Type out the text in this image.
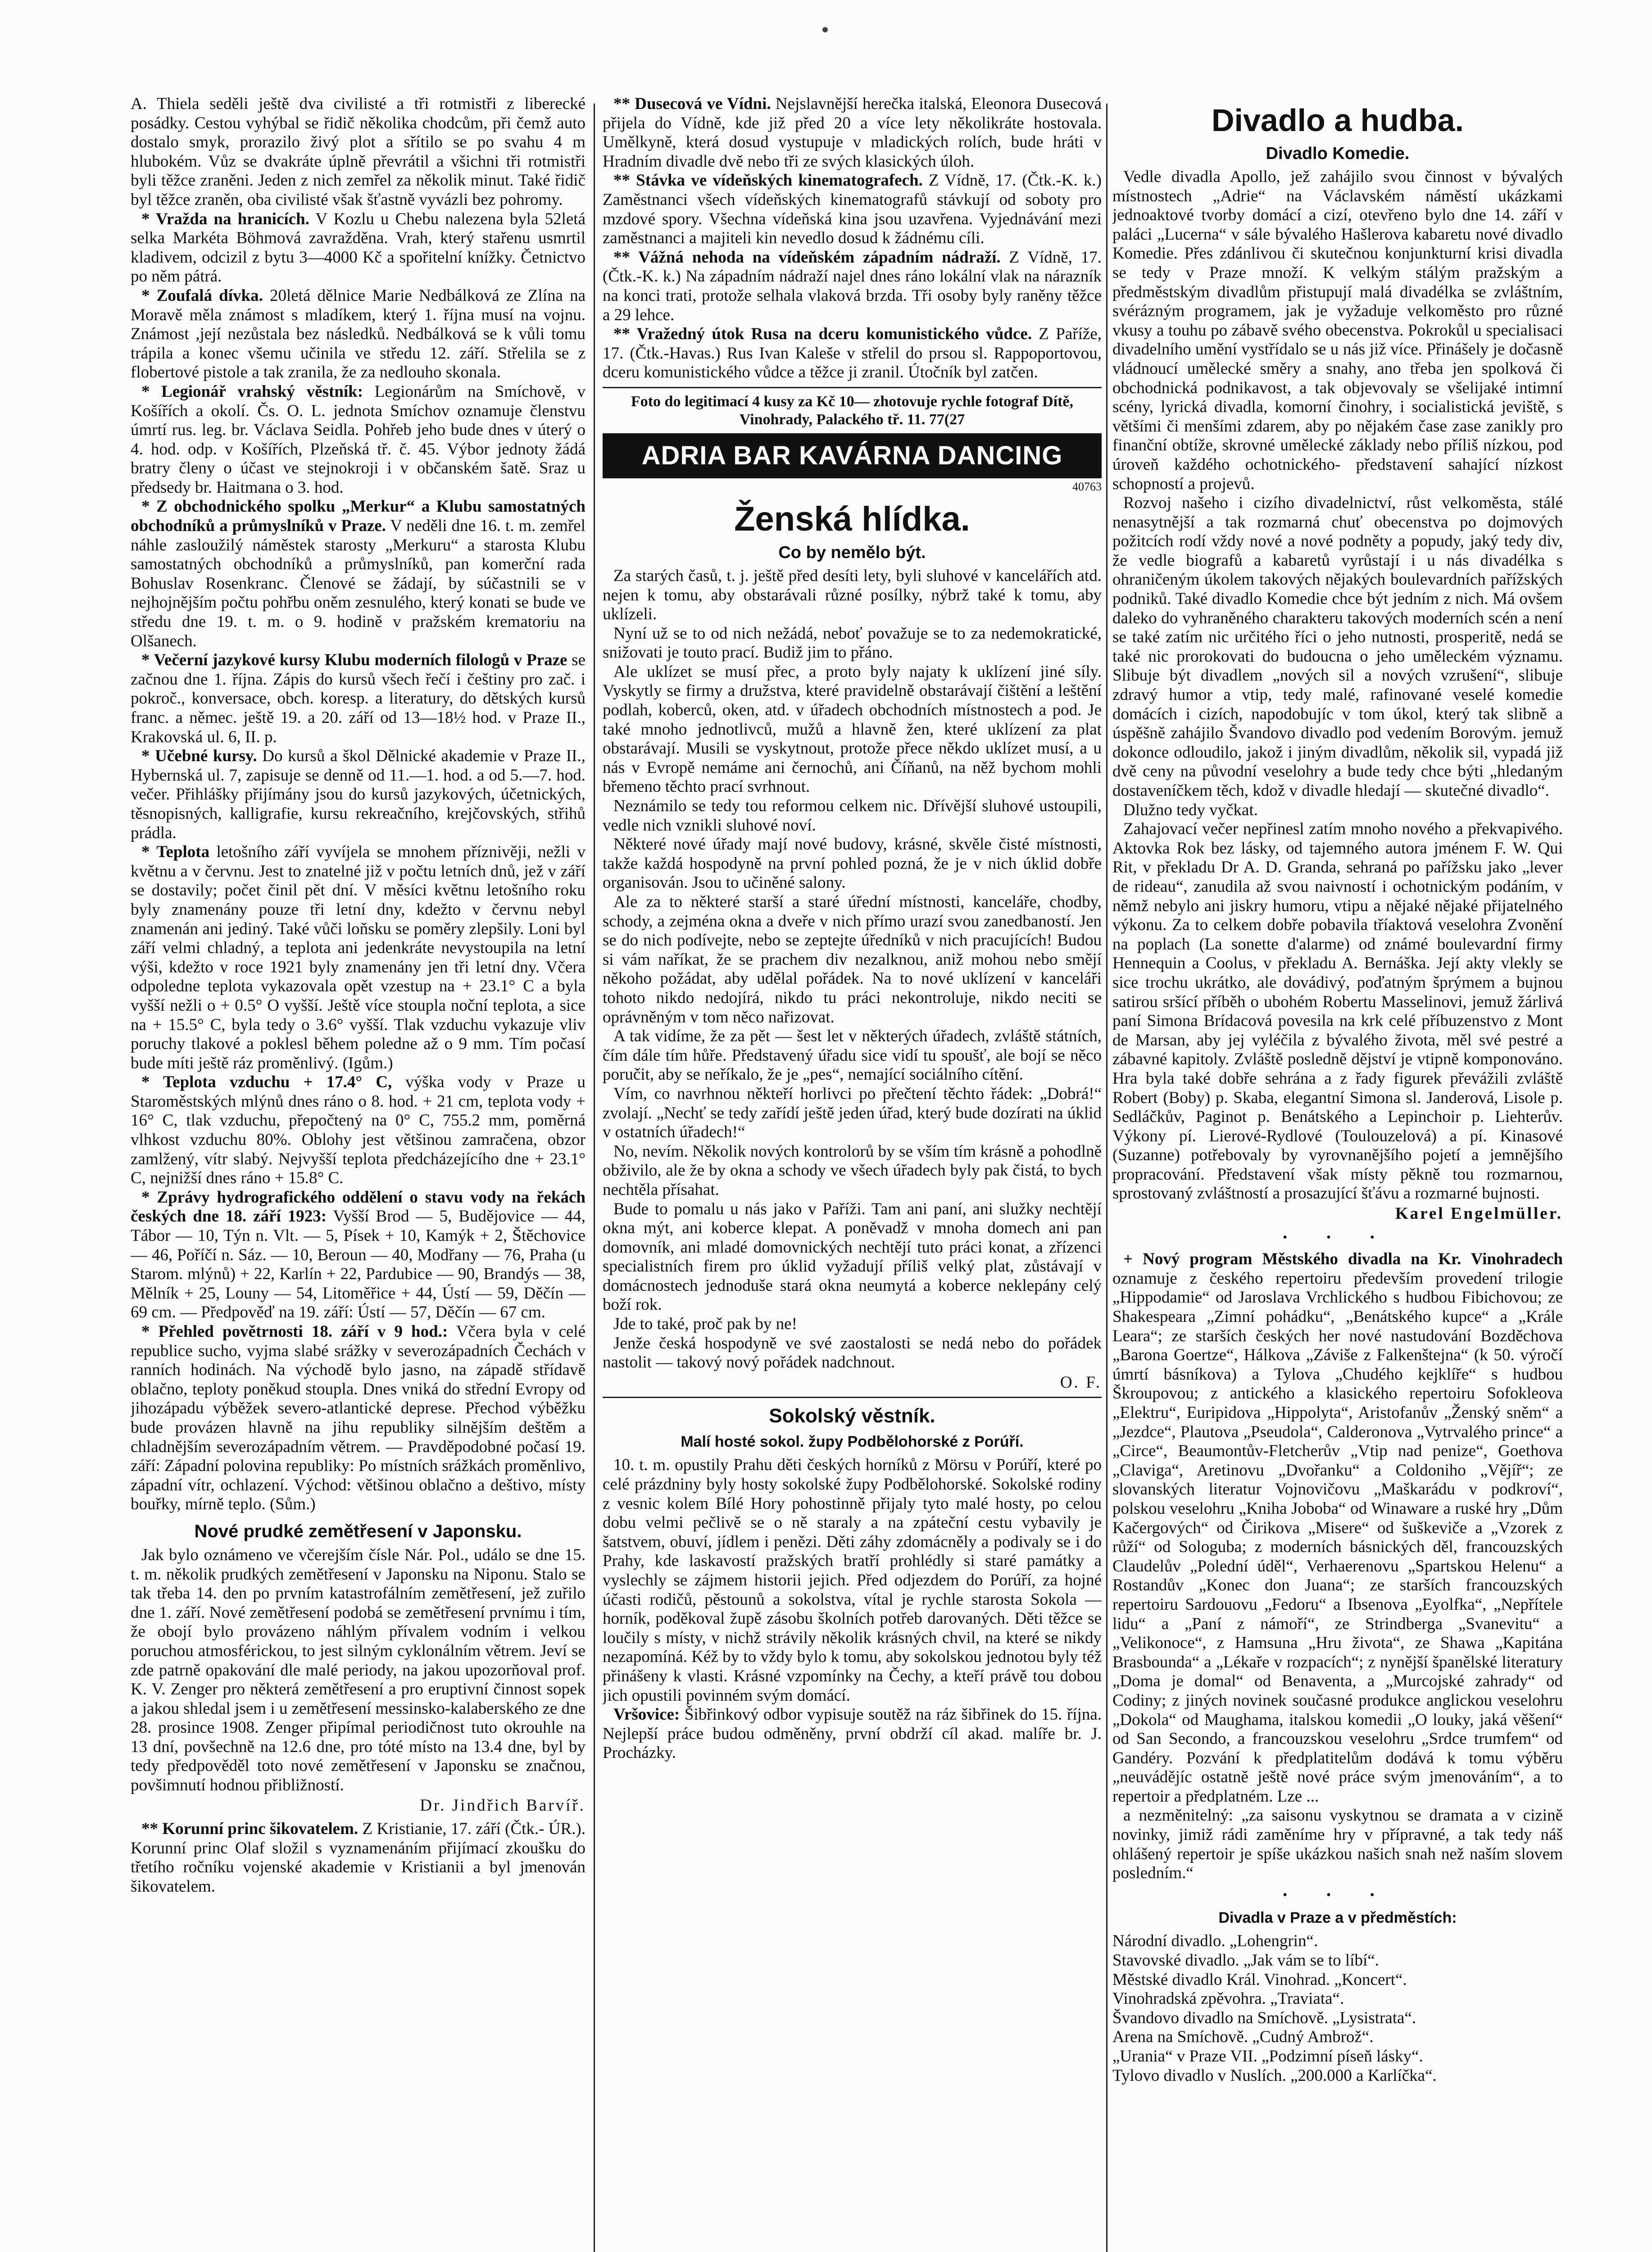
A. Thiela seděli ještě dva civilisté a tři rotmistři z liberecké posádky. Cestou vyhýbal se řidič několika chodcům, při čemž auto dostalo smyk, prorazilo živý plot a sřítilo se po svahu 4 m hlubokém. Vůz se dvakráte úplně převrátil a všichni tři rotmistři byli těžce zraněni. Jeden z nich zemřel za několik minut. Také řidič byl těžce zraněn, oba civilisté však šťastně vyvázli bez pohromy.

* Vražda na hranicích. V Kozlu u Chebu nalezena byla 52letá selka Markéta Böhmová zavražděna. Vrah, který stařenu usmrtil kladivem, odcizil z bytu 3—4000 Kč a spořitelní knížky. Četnictvo po něm pátrá.

* Zoufalá dívka. 20letá dělnice Marie Nedbálková ze Zlína na Moravě měla známost s mladíkem, který 1. října musí na vojnu. Známost ,její nezůstala bez následků. Nedbálková se k vůli tomu trápila a konec všemu učinila ve středu 12. září. Střelila se z flobertové pistole a tak zranila, že za nedlouho skonala.

* Legionář vrahský věstník: Legionárům na Smíchově, v Košířích a okolí. Čs. O. L. jednota Smíchov oznamuje členstvu úmrtí rus. leg. br. Václava Seidla. Pohřeb jeho bude dnes v úterý o 4. hod. odp. v Košířích, Plzeňská tř. č. 45. Výbor jednoty žádá bratry členy o účast ve stejnokroji i v občanském šatě. Sraz u předsedy br. Haitmana o 3. hod.

* Z obchodnického spolku „Merkur“ a Klubu samostatných obchodníků a průmyslníků v Praze. V neděli dne 16. t. m. zemřel náhle zasloužilý náměstek starosty „Merkuru“ a starosta Klubu samostatných obchodníků a průmyslníků, pan komerční rada Bohuslav Rosenkranc. Členové se žádají, by súčastnili se v nejhojnějším počtu pohřbu oněm zesnulého, který konati se bude ve středu dne 19. t. m. o 9. hodině v pražském krematoriu na Olšanech.

* Večerní jazykové kursy Klubu moderních filologů v Praze se začnou dne 1. října. Zápis do kursů všech řečí i češtiny pro zač. i pokroč., konversace, obch. koresp. a literatury, do dětských kursů franc. a němec. ještě 19. a 20. září od 13—18½ hod. v Praze II., Krakovská ul. 6, II. p.

* Učebné kursy. Do kursů a škol Dělnické akademie v Praze II., Hybernská ul. 7, zapisuje se denně od 11.—1. hod. a od 5.—7. hod. večer. Přihlášky přijímány jsou do kursů jazykových, účetnických, těsnopisných, kalligrafie, kursu rekreačního, krejčovských, střihů prádla.

* Teplota letošního září vyvíjela se mnohem příznivěji, nežli v květnu a v červnu. Jest to znatelné již v počtu letních dnů, jež v září se dostavily; počet činil pět dní. V měsíci květnu letošního roku byly znamenány pouze tři letní dny, kdežto v červnu nebyl znamenán ani jediný. Také vůči loňsku se poměry zlepšily. Loni byl září velmi chladný, a teplota ani jedenkráte nevystoupila na letní výši, kdežto v roce 1921 byly znamenány jen tři letní dny. Včera odpoledne teplota vykazovala opět vzestup na + 23.1° C a byla vyšší nežli o + 0.5° O vyšší. Ještě více stoupla noční teplota, a sice na + 15.5° C, byla tedy o 3.6° vyšší. Tlak vzduchu vykazuje vliv poruchy tlakové a poklesl během poledne až o 9 mm. Tím počasí bude míti ještě ráz proměnlivý. (Igům.)

* Teplota vzduchu + 17.4° C, výška vody v Praze u Staroměstských mlýnů dnes ráno o 8. hod. + 21 cm, teplota vody + 16° C, tlak vzduchu, přepočtený na 0° C, 755.2 mm, poměrná vlhkost vzduchu 80%. Oblohy jest většinou zamračena, obzor zamlžený, vítr slabý. Nejvyšší teplota předcházejícího dne + 23.1° C, nejnižší dnes ráno + 15.8° C.

* Zprávy hydrografického oddělení o stavu vody na řekách českých dne 18. září 1923: Vyšší Brod — 5, Budějovice — 44, Tábor — 10, Týn n. Vlt. — 5, Písek + 10, Kamýk + 2, Štěchovice — 46, Poříčí n. Sáz. — 10, Beroun — 40, Modřany — 76, Praha (u Starom. mlýnů) + 22, Karlín + 22, Pardubice — 90, Brandýs — 38, Mělník + 25, Louny — 54, Litoměřice + 44, Ústí — 59, Děčín — 69 cm. — Předpověď na 19. září: Ústí — 57, Děčín — 67 cm.

* Přehled povětrnosti 18. září v 9 hod.: Včera byla v celé republice sucho, vyjma slabé srážky v severozápadních Čechách v ranních hodinách. Na východě bylo jasno, na západě střídavě oblačno, teploty poněkud stoupla. Dnes vniká do střední Evropy od jihozápadu výběžek severo-atlantické deprese. Přechod výběžku bude provázen hlavně na jihu republiky silnějším deštěm a chladnějším severozápadním větrem. — Pravděpodobné počasí 19. září: Západní polovina republiky: Po místních srážkách proměnlivo, západní vítr, ochlazení. Východ: většinou oblačno a deštivo, místy bouřky, mírně teplo. (Sům.)

Nové prudké zemětřesení v Japonsku.

Jak bylo oznámeno ve včerejším čísle Nár. Pol., událo se dne 15. t. m. několik prudkých zemětřesení v Japonsku na Niponu. Stalo se tak třeba 14. den po prvním katastrofálním zemětřesení, jež zuřilo dne 1. září. Nové zemětřesení podobá se zemětřesení prvnímu i tím, že obojí bylo provázeno náhlým přívalem vodním i velkou poruchou atmosférickou, to jest silným cyklonálním větrem. Jeví se zde patrně opakování dle malé periody, na jakou upozorňoval prof. K. V. Zenger pro některá zemětřesení a pro eruptivní činnost sopek a jakou shledal jsem i u zemětřesení messinsko-kalaberského ze dne 28. prosince 1908. Zenger připímal periodičnost tuto okrouhle na 13 dní, povšechně na 12.6 dne, pro tóté místo na 13.4 dne, byl by tedy předpověděl toto nové zemětřesení v Japonsku se značnou, povšimnutí hodnou přibližností.

Dr. Jindřich Barvíř.

** Korunní princ šikovatelem. Z Kristianie, 17. září (Čtk.- ÚR.). Korunní princ Olaf složil s vyznamenáním přijímací zkoušku do třetího ročníku vojenské akademie v Kristianii a byl jmenován šikovatelem.

** Dusecová ve Vídni. Nejslavnější herečka italská, Eleonora Dusecová přijela do Vídně, kde již před 20 a více lety několikráte hostovala. Umělkyně, která dosud vystupuje v mladických rolích, bude hráti v Hradním divadle dvě nebo tři ze svých klasických úloh.

** Stávka ve vídeňských kinematografech. Z Vídně, 17. (Čtk.-K. k.) Zaměstnanci všech vídeňských kinematografů stávkují od soboty pro mzdové spory. Všechna vídeňská kina jsou uzavřena. Vyjednávání mezi zaměstnanci a majiteli kin nevedlo dosud k žádnému cíli.

** Vážná nehoda na vídeňském západním nádraží. Z Vídně, 17. (Čtk.-K. k.) Na západním nádraží najel dnes ráno lokální vlak na nárazník na konci trati, protože selhala vlaková brzda. Tři osoby byly raněny těžce a 29 lehce.

** Vražedný útok Rusa na dceru komunistického vůdce. Z Paříže, 17. (Čtk.-Havas.) Rus Ivan Kaleše v střelil do prsou sl. Rappoportovou, dceru komunistického vůdce a těžce ji zranil. Útočník byl zatčen.

Foto do legitimací 4 kusy za Kč 10— zhotovuje rychle fotograf Dítě, Vinohrady, Palackého tř. 11. 77(27

ADRIA BAR KAVÁRNA DANCING
40763
Ženská hlídka.
Co by nemělo být.

Za starých časů, t. j. ještě před desíti lety, byli sluhové v kancelářích atd. nejen k tomu, aby obstarávali různé posílky, nýbrž také k tomu, aby uklízeli.

Nyní už se to od nich nežádá, neboť považuje se to za nedemokratické, snižovati je touto prací. Budiž jim to přáno.

Ale uklízet se musí přec, a proto byly najaty k uklízení jiné síly. Vyskytly se firmy a družstva, které pravidelně obstarávají čištění a leštění podlah, koberců, oken, atd. v úřadech obchodních místnostech a pod. Je také mnoho jednotlivců, mužů a hlavně žen, které uklízení za plat obstarávají. Musili se vyskytnout, protože přece někdo uklízet musí, a u nás v Evropě nemáme ani černochů, ani Číňanů, na něž bychom mohli břemeno těchto prací svrhnout.

Neznámilo se tedy tou reformou celkem nic. Dřívější sluhové ustoupili, vedle nich vznikli sluhové noví.

Některé nové úřady mají nové budovy, krásné, skvěle čisté místnosti, takže každá hospodyně na první pohled pozná, že je v nich úklid dobře organisován. Jsou to učiněné salony.

Ale za to některé starší a staré úřední místnosti, kanceláře, chodby, schody, a zejména okna a dveře v nich přímo urazí svou zanedbaností. Jen se do nich podívejte, nebo se zeptejte úředníků v nich pracujících! Budou si vám naříkat, že se prachem div nezalknou, aniž mohou nebo smějí někoho požádat, aby udělal pořádek. Na to nové uklízení v kanceláři tohoto nikdo nedojírá, nikdo tu práci nekontroluje, nikdo neciti se oprávněným v tom něco nařizovat.

A tak vidíme, že za pět — šest let v některých úřadech, zvláště státních, čím dále tím hůře. Představený úřadu sice vidí tu spoušť, ale bojí se něco poručit, aby se neříkalo, že je „pes“, nemající sociálního cítění.

Vím, co navrhnou někteří horlivci po přečtení těchto řádek: „Dobrá!“ zvolají. „Nechť se tedy zařídí ještě jeden úřad, který bude dozírati na úklid v ostatních úřadech!“

No, nevím. Několik nových kontrolorů by se vším tím krásně a pohodlně obživilo, ale že by okna a schody ve všech úřadech byly pak čistá, to bych nechtěla přísahat.

Bude to pomalu u nás jako v Paříži. Tam ani paní, ani služky nechtějí okna mýt, ani koberce klepat. A poněvadž v mnoha domech ani pan domovník, ani mladé domovnických nechtějí tuto práci konat, a zřízenci specialistních firem pro úklid vyžadují příliš velký plat, zůstávají v domácnostech jednoduše stará okna neumytá a koberce neklepány celý boží rok.

Jde to také, proč pak by ne!

Jenže česká hospodyně ve své zaostalosti se nedá nebo do pořádek nastolit — takový nový pořádek nadchnout.

O. F.
Sokolský věstník.
Malí hosté sokol. župy Podbělohorské z Porúří.

10. t. m. opustily Prahu děti českých horníků z Mörsu v Porúří, které po celé prázdniny byly hosty sokolské župy Podbělohorské. Sokolské rodiny z vesnic kolem Bílé Hory pohostinně přijaly tyto malé hosty, po celou dobu velmi pečlivě se o ně staraly a na zpáteční cestu vybavily je šatstvem, obuví, jídlem i penězi. Děti záhy zdomácněly a podivaly se i do Prahy, kde laskavostí pražských bratří prohlédly si staré památky a vyslechly se zájmem historii jejich. Před odjezdem do Porúří, za hojné účasti rodičů, pěstounů a sokolstva, vítal je rychle starosta Sokola — horník, poděkoval župě zásobu školních potřeb darovaných. Děti těžce se loučily s místy, v nichž strávily několik krásných chvil, na které se nikdy nezapomíná. Kéž by to vždy bylo k tomu, aby sokolskou jednotou byly též přinášeny k vlasti. Krásné vzpomínky na Čechy, a kteří právě tou dobou jich opustili povinném svým domácí.

Vršovice: Šibřinkový odbor vypisuje soutěž na ráz šibřinek do 15. října. Nejlepší práce budou odměněny, první obdrží cíl akad. malíře br. J. Procházky.

Divadlo a hudba.
Divadlo Komedie.

Vedle divadla Apollo, jež zahájilo svou činnost v bývalých místnostech „Adrie“ na Václavském náměstí ukázkami jednoaktové tvorby domácí a cizí, otevřeno bylo dne 14. září v paláci „Lucerna“ v sále bývalého Hašlerova kabaretu nové divadlo Komedie. Přes zdánlivou či skutečnou konjunkturní krisi divadla se tedy v Praze množí. K velkým stálým pražským a předměstským divadlům přistupují malá divadélka se zvláštním, svérázným programem, jak je vyžaduje velkoměsto pro různé vkusy a touhu po zábavě svého obecenstva. Pokrokůl u specialisaci divadelního umění vystřídalo se u nás již více. Přinášely je dočasně vládnoucí umělecké směry a snahy, ano třeba jen spolková či obchodnická podnikavost, a tak objevovaly se všelijaké intimní scény, lyrická divadla, komorní činohry, i socialistická jeviště, s většími či menšími zdarem, aby po nějakém čase zase zanikly pro finanční obtíže, skrovné umělecké základy nebo příliš nízkou, pod úroveň každého ochotnického- představení sahající nízkost schopností a projevů.

Rozvoj našeho i cizího divadelnictví, růst velkoměsta, stálé nenasytnější a tak rozmarná chuť obecenstva po dojmových požitcích rodí vždy nové a nové podněty a popudy, jaký tedy div, že vedle biografů a kabaretů vyrůstají i u nás divadélka s ohraničeným úkolem takových nějakých boulevardních pařížských podniků. Také divadlo Komedie chce být jedním z nich. Má ovšem daleko do vyhraněného charakteru takových moderních scén a není se také zatím nic určitého říci o jeho nutnosti, prosperitě, nedá se také nic prorokovati do budoucna o jeho uměleckém významu. Slibuje být divadlem „nových sil a nových vzrušení“, slibuje zdravý humor a vtip, tedy malé, rafinované veselé komedie domácích i cizích, napodobujíc v tom úkol, který tak slibně a úspěšně zahájilo Švandovo divadlo pod vedením Borovým. jemuž dokonce odloudilo, jakož i jiným divadlům, několik sil, vypadá již dvě ceny na původní veselohry a bude tedy chce býti „hledaným dostaveníčkem těch, kdož v divadle hledají — skutečné divadlo“.

Dlužno tedy vyčkat.

Zahajovací večer nepřinesl zatím mnoho nového a překvapivého. Aktovka Rok bez lásky, od tajemného autora jménem F. W. Qui Rit, v překladu Dr A. D. Granda, sehraná po pařížsku jako „lever de rideau“, zanudila až svou naivností i ochotnickým podáním, v němž nebylo ani jiskry humoru, vtipu a nějaké nějaké přijatelného výkonu. Za to celkem dobře pobavila tříaktová veselohra Zvonění na poplach (La sonette d'alarme) od známé boulevardní firmy Hennequin a Coolus, v překladu A. Bernáška. Její akty vlekly se sice trochu ukrátko, ale dovádivý, poďatným šprýmem a bujnou satirou sršící příběh o ubohém Robertu Masselinovi, jemuž žárlivá paní Simona Brídacová povesila na krk celé příbuzenstvo z Mont de Marsan, aby jej vyléčila z bývalého života, měl své pestré a zábavné kapitoly. Zvláště posledně dějství je vtipně komponováno. Hra byla také dobře sehrána a z řady figurek převážili zvláště Robert (Boby) p. Skaba, elegantní Simona sl. Janderová, Lisole p. Sedláčkův, Paginot p. Benátského a Lepinchoir p. Liehterův. Výkony pí. Lierové-Rydlové (Toulouzelová) a pí. Kinasové (Suzanne) potřebovaly by vyrovnanějšího pojetí a jemnějšího propracování. Představení však místy pěkně tou rozmarnou, sprostovaný zvláštností a prosazující šťávu a rozmarné bujnosti.

Karel Engelmüller.
• • •

+ Nový program Městského divadla na Kr. Vinohradech oznamuje z českého repertoiru především provedení trilogie „Hippodamie“ od Jaroslava Vrchlického s hudbou Fibichovou; ze Shakespeara „Zimní pohádku“, „Benátského kupce“ a „Krále Leara“; ze starších českých her nové nastudování Bozděchova „Barona Goertze“, Hálkova „Závišе z Falkenštejna“ (k 50. výročí úmrtí básníkova) a Tylova „Chudého kejklíře“ s hudbou Škroupovou; z antického a klasického repertoiru Sofokleova „Elektru“, Euripidova „Hippolyta“, Aristofanův „Ženský sněm“ a „Jezdce“, Plautova „Pseudola“, Calderonova „Vytrvalého prince“ a „Circe“, Beaumontův-Fletcherův „Vtip nad penize“, Goethova „Claviga“, Aretinovu „Dvořanku“ a Coldoniho „Vějíř“; ze slovanských literatur Vojnovičovu „Maškarádu v podkroví“, polskou veselohru „Kniha Joboba“ od Winaware a ruské hry „Dům Kačergových“ od Čirikova „Misere“ od šuškeviče a „Vzorek z růží“ od Sologuba; z moderních básnických děl, francouzských Claudelův „Polední úděl“, Verhaerenovu „Spartskou Helenu“ a Rostandův „Konec don Juana“; ze starších francouzských repertoiru Sardouovu „Fedoru“ a Ibsenova „Eyolfka“, „Nepřítele lidu“ a „Paní z námoří“, ze Strindberga „Svanevitu“ a „Velikonoce“, z Hamsuna „Hru života“, ze Shawa „Kapitána Brasbounda“ a „Lékaře v rozpacích“; z nynější španělské literatury „Doma je domal“ od Benaventa, a „Murcojské zahrady“ od Codiny; z jiných novinek současné produkce anglickou veselohru „Dokola“ od Maughama, italskou komedii „O louky, jaká věšení“ od San Secondo, a francouzskou veselohru „Srdce trumfem“ od Gandéry. Pozvání k předplatitelům dodává k tomu výběru „neuvádějíc ostatně ještě nové práce svým jmenováním“, a to repertoir a předplatném. Lze ...

a nezměnitelný: „za saisonu vyskytnou se dramata a v cizině novinky, jimiž rádi zaměníme hry v přípravné, a tak tedy náš ohlášený repertoir je spíše ukázkou našich snah než naším slovem posledním.“

• • •
Divadla v Praze a v předměstích:

Národní divadlo. „Lohengrin“.

Stavovské divadlo. „Jak vám se to líbí“.

Městské divadlo Král. Vinohrad. „Koncert“.

Vinohradská zpěvohra. „Traviata“.

Švandovo divadlo na Smíchově. „Lysistrata“.

Arena na Smíchově. „Cudný Ambrož“.

„Urania“ v Praze VII. „Podzimní píseň lásky“.

Tylovo divadlo v Nuslích. „200.000 a Karlíčka“.
